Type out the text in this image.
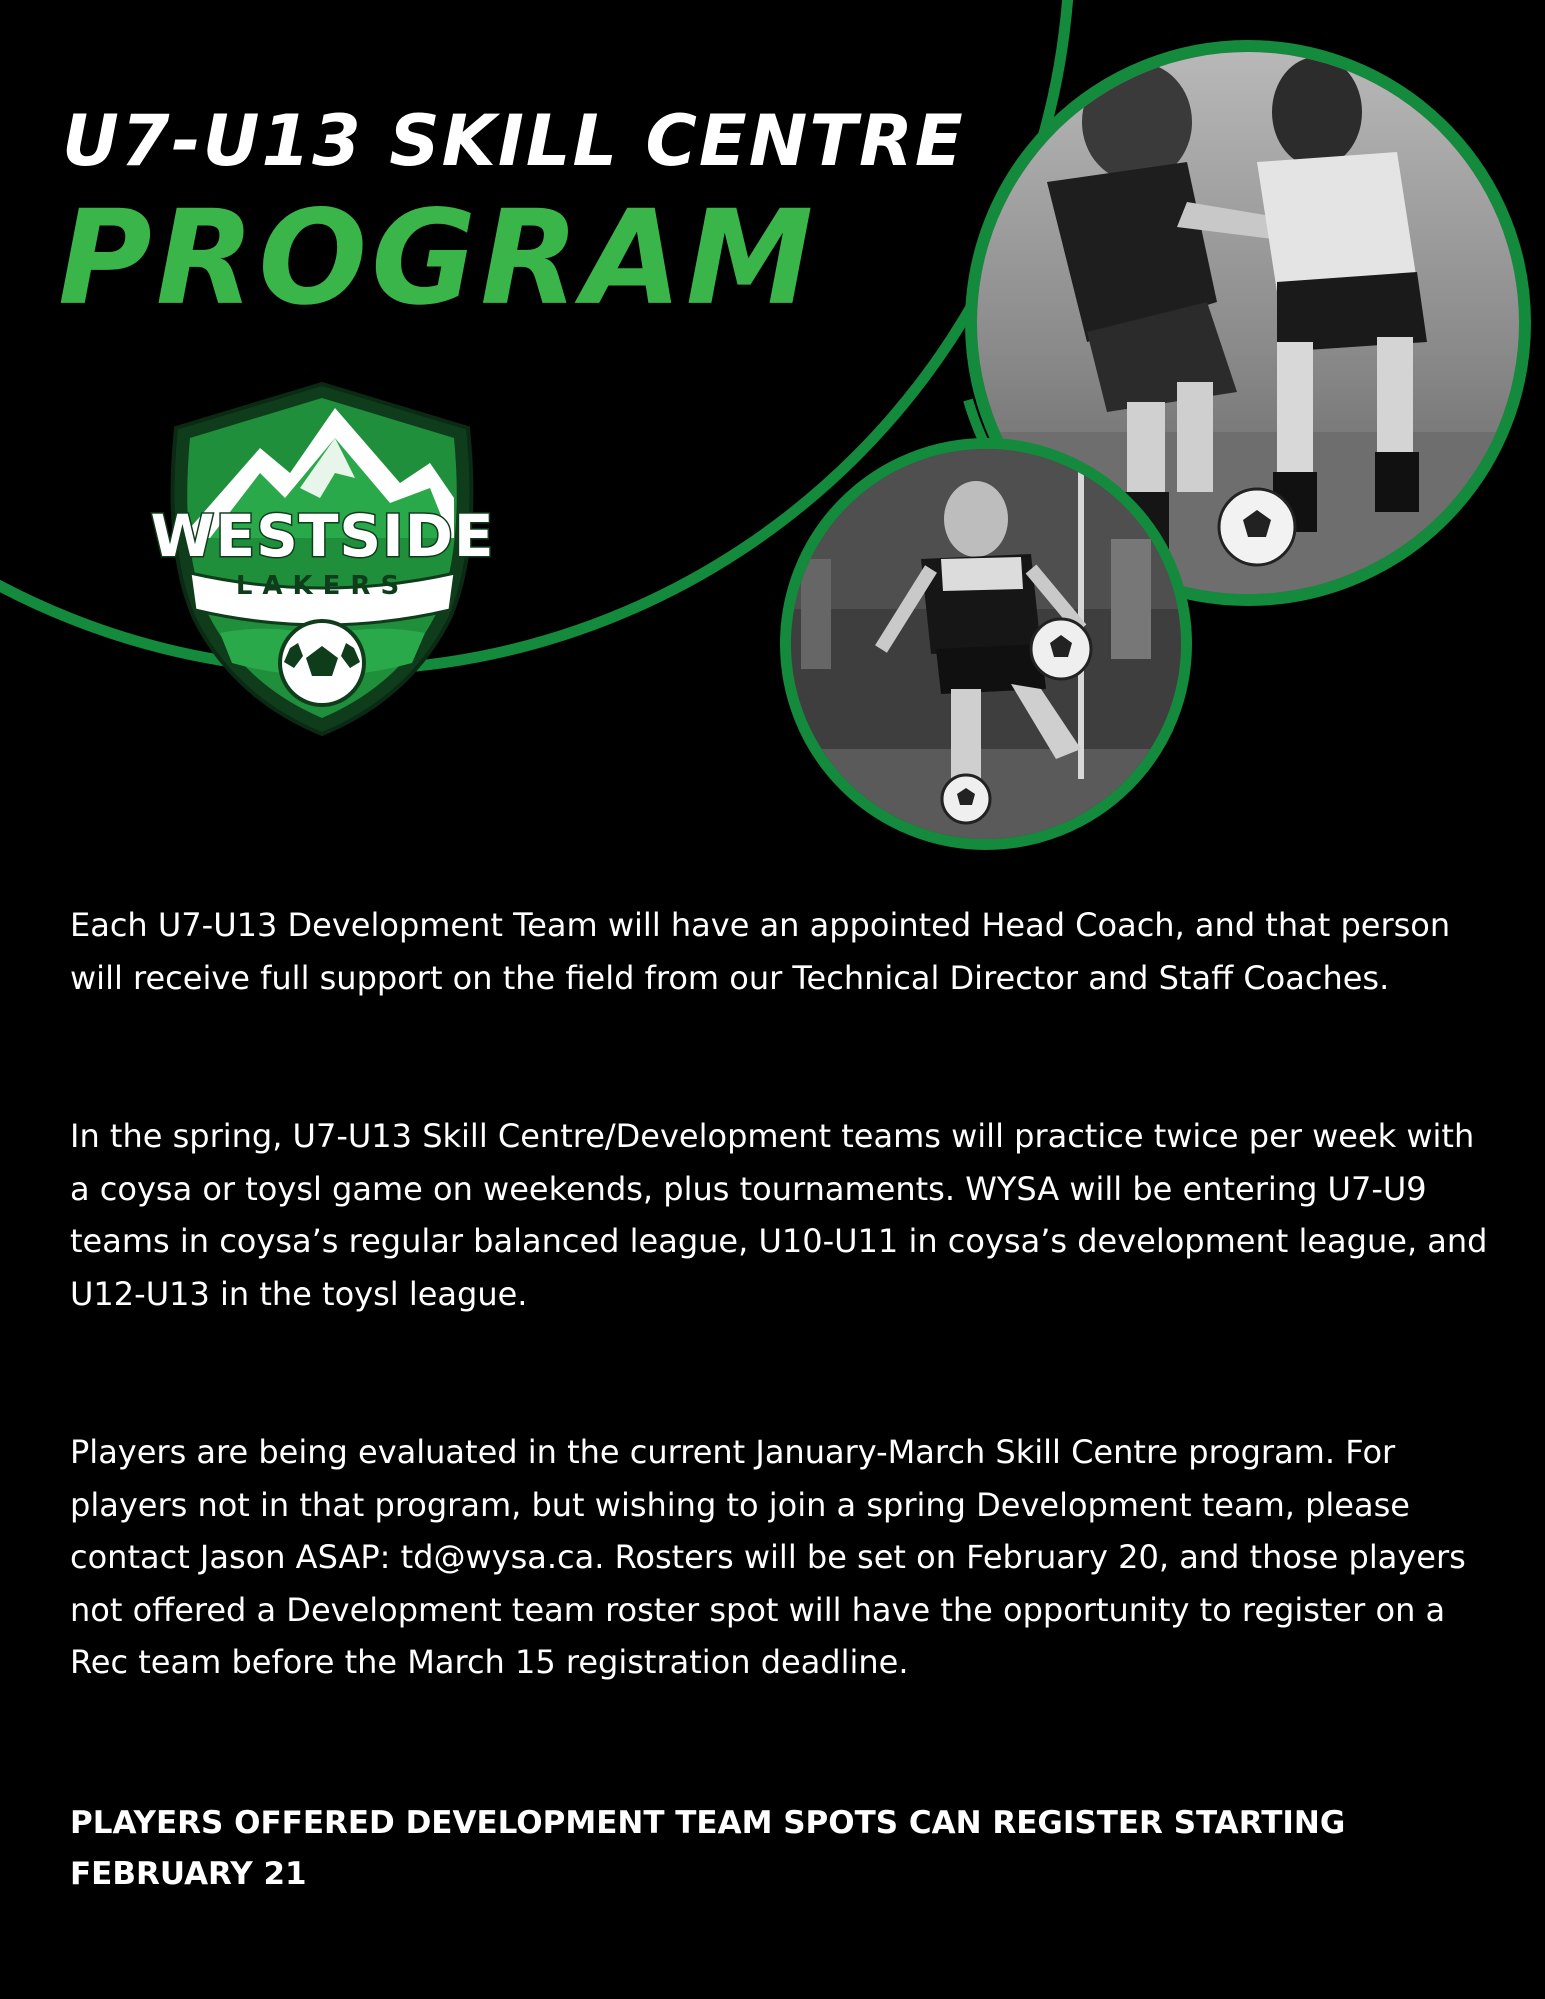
U7-U13 SKILL CENTRE
PROGRAM
WESTSIDE
LAKERS

Each U7-U13 Development Team will have an appointed Head Coach, and that person will receive full support on the field from our Technical Director and Staff Coaches.

In the spring, U7-U13 Skill Centre/Development teams will practice twice per week with a coysa or toysl game on weekends, plus tournaments. WYSA will be entering U7-U9 teams in coysa’s regular balanced league, U10-U11 in coysa’s development league, and U12-U13 in the toysl league.

Players are being evaluated in the current January-March Skill Centre program. For players not in that program, but wishing to join a spring Development team, please contact Jason ASAP: td@wysa.ca. Rosters will be set on February 20, and those players not offered a Development team roster spot will have the opportunity to register on a Rec team before the March 15 registration deadline.

PLAYERS OFFERED DEVELOPMENT TEAM SPOTS CAN REGISTER STARTING FEBRUARY 21
